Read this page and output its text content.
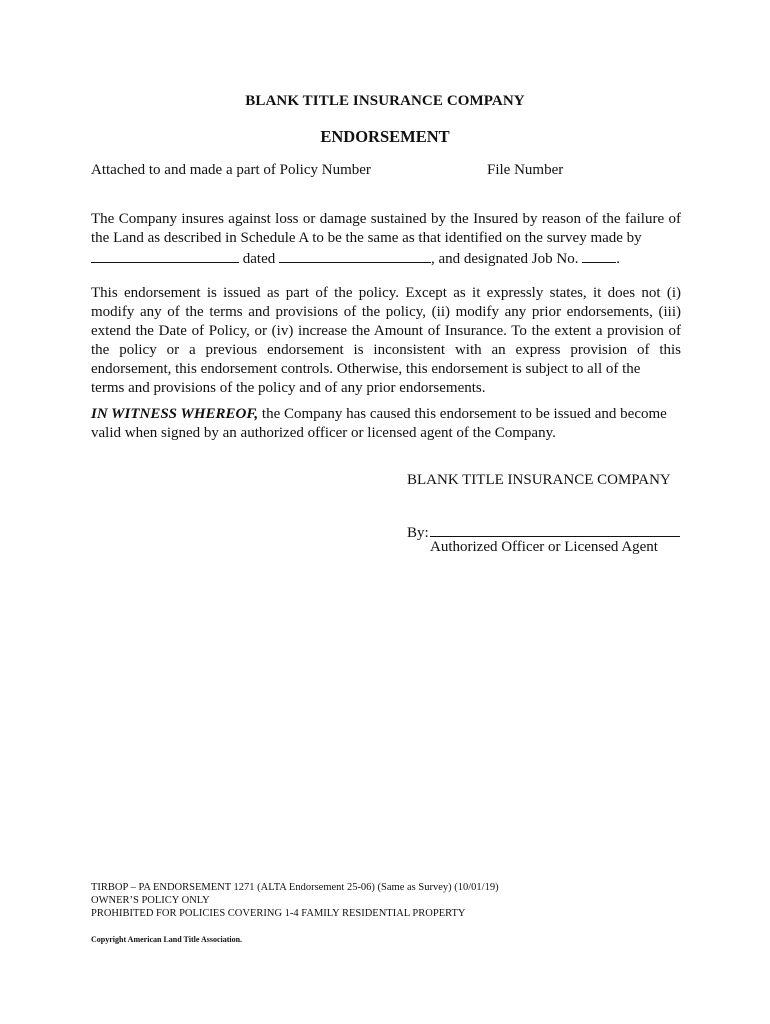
BLANK TITLE INSURANCE COMPANY
ENDORSEMENT
Attached to and made a part of Policy Number	File Number
The Company insures against loss or damage sustained by the Insured by reason of the failure of the Land as described in Schedule A to be the same as that identified on the survey made by
dated	, and designated Job No.	.
This endorsement is issued as part of the policy. Except as it expressly states, it does not (i) modify any of the terms and provisions of the policy, (ii) modify any prior endorsements, (iii) extend the Date of Policy, or (iv) increase the Amount of Insurance. To the extent a provision of the policy or a previous endorsement is inconsistent with an express provision of this endorsement, this endorsement controls. Otherwise, this endorsement is subject to all of the
terms and provisions of the policy and of any prior endorsements.
IN WITNESS WHEREOF, the Company has caused this endorsement to be issued and become
valid when signed by an authorized officer or licensed agent of the Company.
BLANK TITLE INSURANCE COMPANY
By:
Authorized Officer or Licensed Agent
TIRBOP – PA ENDORSEMENT 1271 (ALTA Endorsement 25-06) (Same as Survey) (10/01/19)
OWNER’S POLICY ONLY
PROHIBITED FOR POLICIES COVERING 1-4 FAMILY RESIDENTIAL PROPERTY
Copyright American Land Title Association.
